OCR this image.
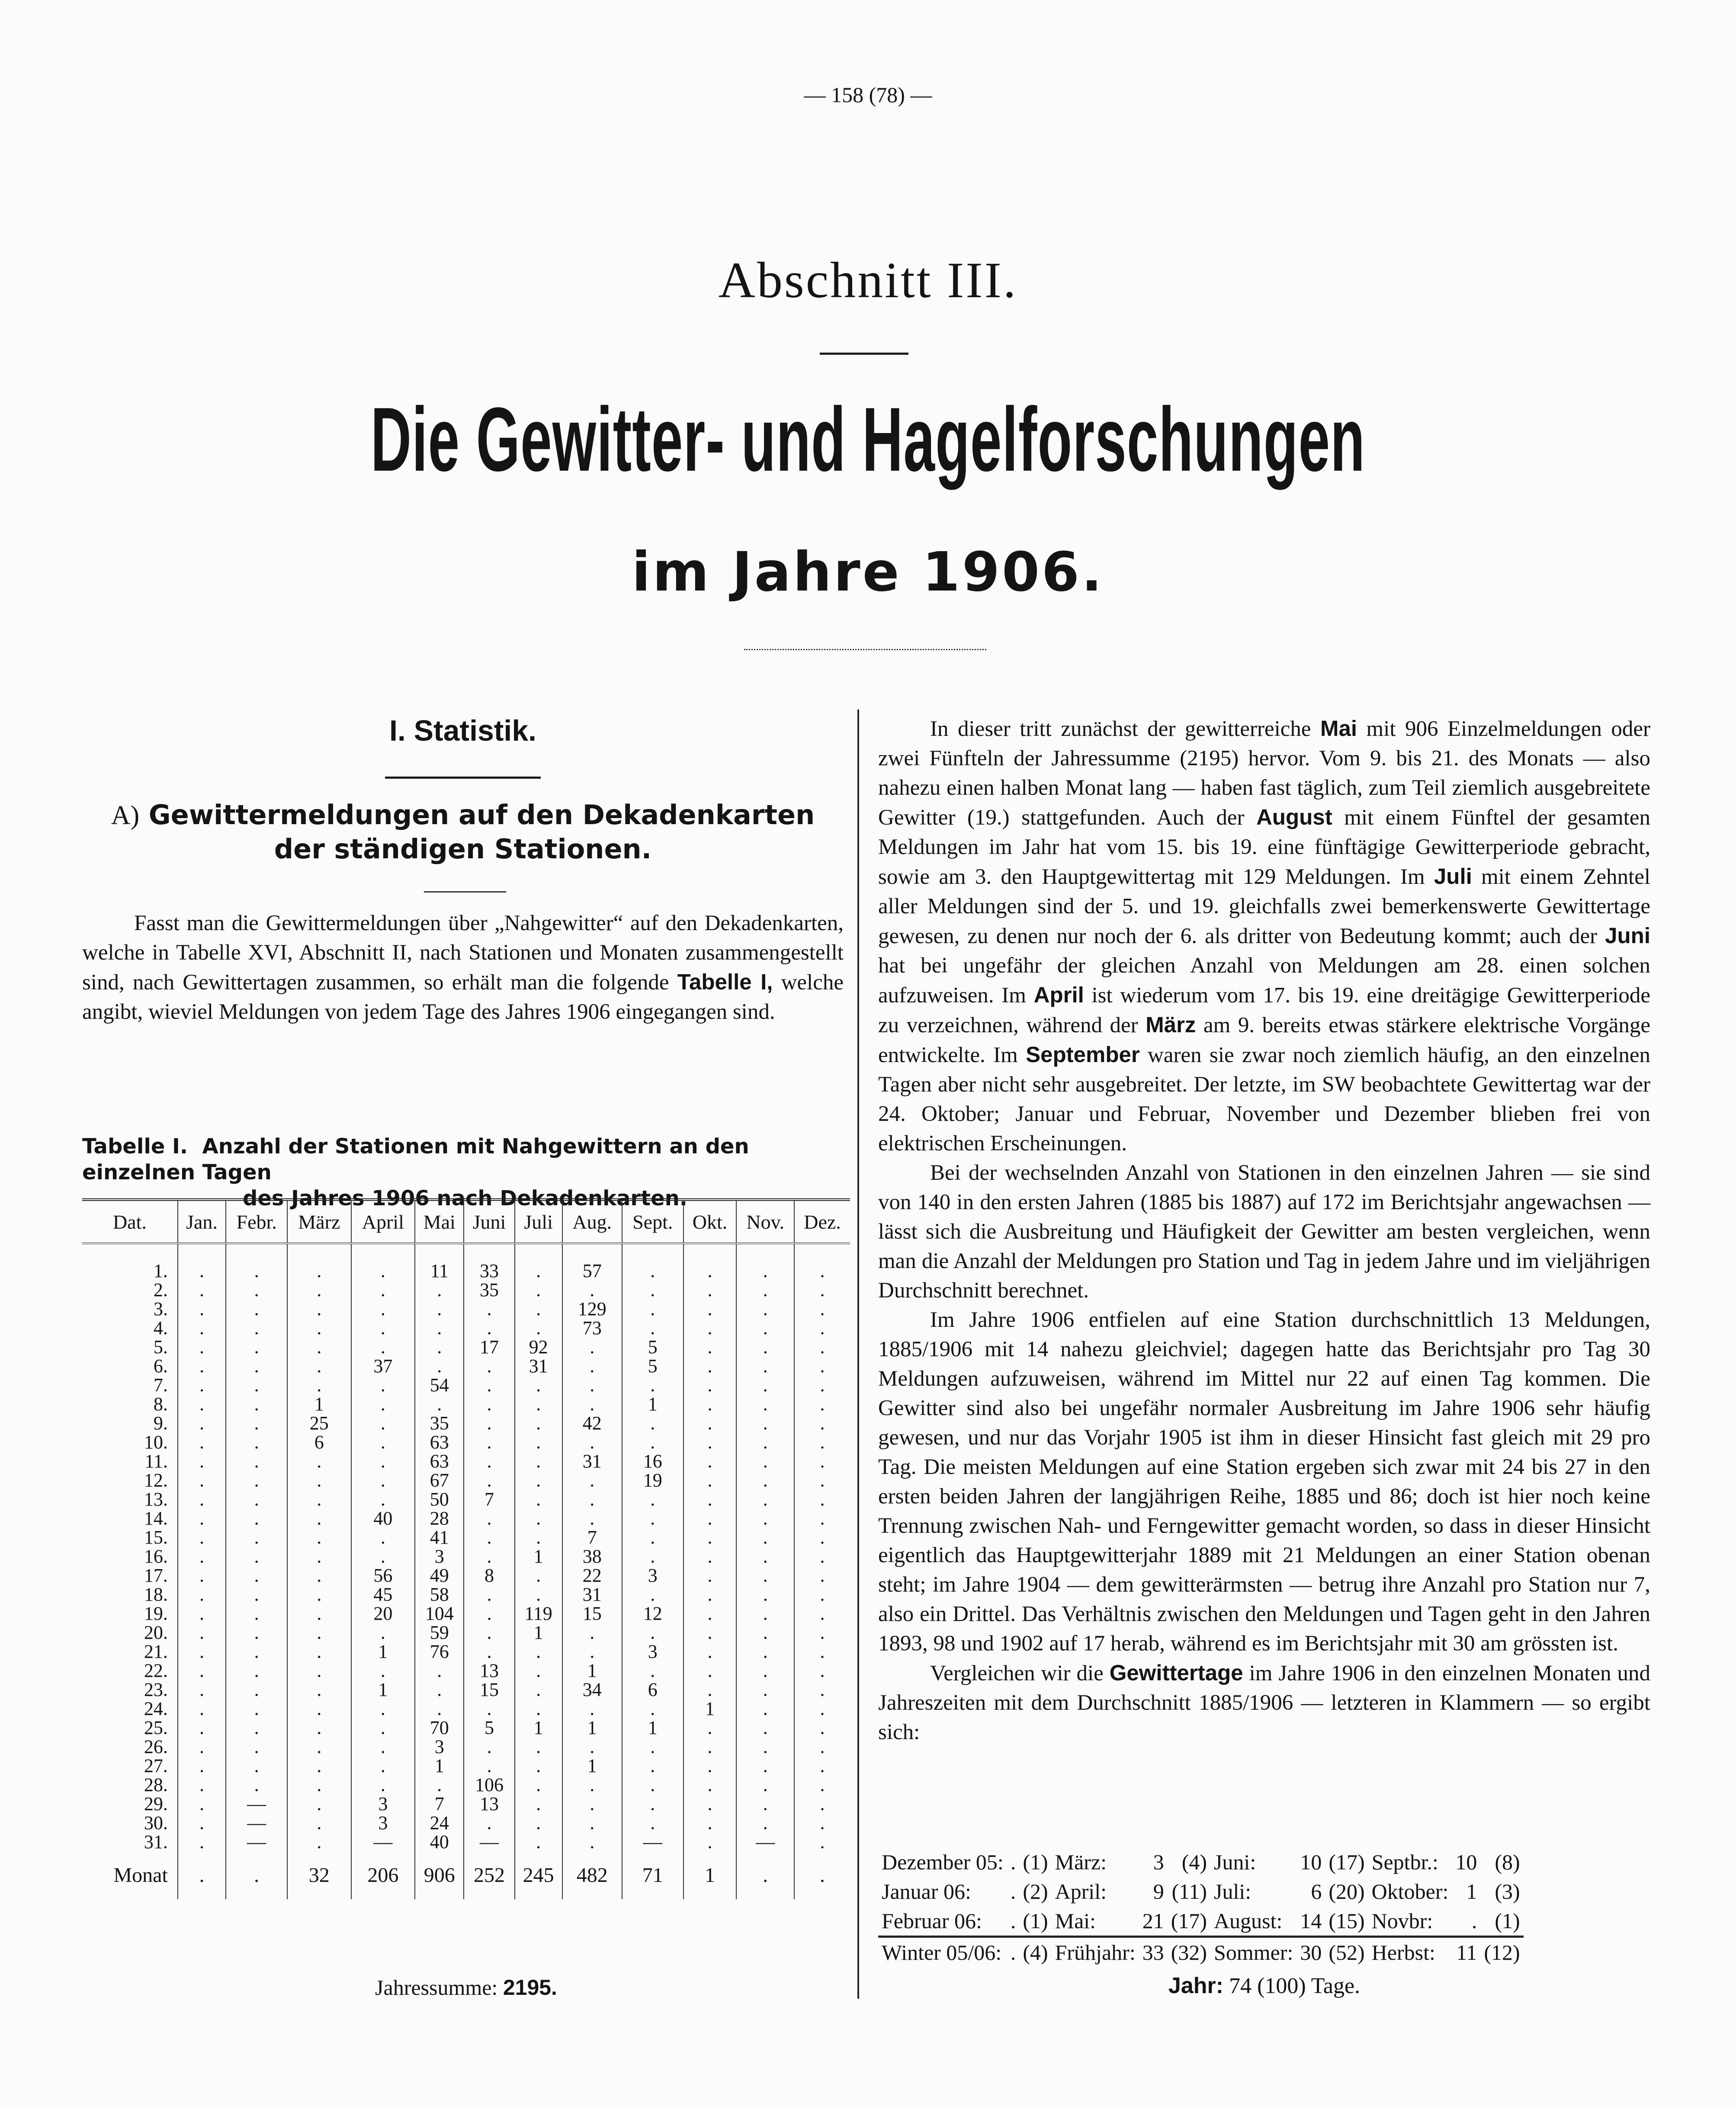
— 158 (78) —
Abschnitt III.
Die Gewitter- und Hagelforschungen
im Jahre 1906.
I. Statistik.
A) Gewittermeldungen auf den Dekadenkarten
der ständigen Stationen.
Fasst man die Gewittermeldungen über „Nahgewitter“ auf den Dekadenkarten, welche in Tabelle XVI, Abschnitt II, nach Stationen und Monaten zusammengestellt sind, nach Gewittertagen zusammen, so erhält man die folgende Tabelle I, welche angibt, wieviel Meldungen von jedem Tage des Jahres 1906 eingegangen sind.
Tabelle I. Anzahl der Stationen mit Nahgewittern an den einzelnen Tagen
des Jahres 1906 nach Dekadenkarten.
Dat.	Jan.	Febr.	März	April	Mai	Juni	Juli	Aug.	Sept.	Okt.	Nov.	Dez.
1.	.	.	.	.	11	33	.	57	.	.	.	.
2.	.	.	.	.	.	35	.	.	.	.	.	.
3.	.	.	.	.	.	.	.	129	.	.	.	.
4.	.	.	.	.	.	.	.	73	.	.	.	.
5.	.	.	.	.	.	17	92	.	5	.	.	.
6.	.	.	.	37	.	.	31	.	5	.	.	.
7.	.	.	.	.	54	.	.	.	.	.	.	.
8.	.	.	1	.	.	.	.	.	1	.	.	.
9.	.	.	25	.	35	.	.	42	.	.	.	.
10.	.	.	6	.	63	.	.	.	.	.	.	.
11.	.	.	.	.	63	.	.	31	16	.	.	.
12.	.	.	.	.	67	.	.	.	19	.	.	.
13.	.	.	.	.	50	7	.	.	.	.	.	.
14.	.	.	.	40	28	.	.	.	.	.	.	.
15.	.	.	.	.	41	.	.	7	.	.	.	.
16.	.	.	.	.	3	.	1	38	.	.	.	.
17.	.	.	.	56	49	8	.	22	3	.	.	.
18.	.	.	.	45	58	.	.	31	.	.	.	.
19.	.	.	.	20	104	.	119	15	12	.	.	.
20.	.	.	.	.	59	.	1	.	.	.	.	.
21.	.	.	.	1	76	.	.	.	3	.	.	.
22.	.	.	.	.	.	13	.	1	.	.	.	.
23.	.	.	.	1	.	15	.	34	6	.	.	.
24.	.	.	.	.	.	.	.	.	.	1	.	.
25.	.	.	.	.	70	5	1	1	1	.	.	.
26.	.	.	.	.	3	.	.	.	.	.	.	.
27.	.	.	.	.	1	.	.	1	.	.	.	.
28.	.	.	.	.	.	106	.	.	.	.	.	.
29.	.	—	.	3	7	13	.	.	.	.	.	.
30.	.	—	.	3	24	.	.	.	.	.	.	.
31.	.	—	.	—	40	—	.	.	—	.	—	.
Monat	.	.	32	206	906	252	245	482	71	1	.	.
Jahressumme: 2195.
In dieser tritt zunächst der gewitterreiche Mai mit 906 Einzelmeldungen oder zwei Fünfteln der Jahressumme (2195) hervor. Vom 9. bis 21. des Monats — also nahezu einen halben Monat lang — haben fast täglich, zum Teil ziemlich ausgebreitete Gewitter (19.) stattgefunden. Auch der August mit einem Fünftel der gesamten Meldungen im Jahr hat vom 15. bis 19. eine fünftägige Gewitterperiode gebracht, sowie am 3. den Hauptgewittertag mit 129 Meldungen. Im Juli mit einem Zehntel aller Meldungen sind der 5. und 19. gleichfalls zwei bemerkenswerte Gewittertage gewesen, zu denen nur noch der 6. als dritter von Bedeutung kommt; auch der Juni hat bei ungefähr der gleichen Anzahl von Meldungen am 28. einen solchen aufzuweisen. Im April ist wiederum vom 17. bis 19. eine dreitägige Gewitterperiode zu verzeichnen, während der März am 9. bereits etwas stärkere elektrische Vorgänge entwickelte. Im September waren sie zwar noch ziemlich häufig, an den einzelnen Tagen aber nicht sehr ausgebreitet. Der letzte, im SW beobachtete Gewittertag war der 24. Oktober; Januar und Februar, November und Dezember blieben frei von elektrischen Erscheinungen.
Bei der wechselnden Anzahl von Stationen in den einzelnen Jahren — sie sind von 140 in den ersten Jahren (1885 bis 1887) auf 172 im Berichtsjahr angewachsen — lässt sich die Ausbreitung und Häufigkeit der Gewitter am besten vergleichen, wenn man die Anzahl der Meldungen pro Station und Tag in jedem Jahre und im vieljährigen Durchschnitt berechnet.
Im Jahre 1906 entfielen auf eine Station durchschnittlich 13 Meldungen, 1885/1906 mit 14 nahezu gleichviel; dagegen hatte das Berichtsjahr pro Tag 30 Meldungen aufzuweisen, während im Mittel nur 22 auf einen Tag kommen. Die Gewitter sind also bei ungefähr normaler Ausbreitung im Jahre 1906 sehr häufig gewesen, und nur das Vorjahr 1905 ist ihm in dieser Hinsicht fast gleich mit 29 pro Tag. Die meisten Meldungen auf eine Station ergeben sich zwar mit 24 bis 27 in den ersten beiden Jahren der langjährigen Reihe, 1885 und 86; doch ist hier noch keine Trennung zwischen Nah- und Ferngewitter gemacht worden, so dass in dieser Hinsicht eigentlich das Hauptgewitterjahr 1889 mit 21 Meldungen an einer Station obenan steht; im Jahre 1904 — dem gewitterärmsten — betrug ihre Anzahl pro Station nur 7, also ein Drittel. Das Verhältnis zwischen den Meldungen und Tagen geht in den Jahren 1893, 98 und 1902 auf 17 herab, während es im Berichtsjahr mit 30 am grössten ist.
Vergleichen wir die Gewittertage im Jahre 1906 in den einzelnen Monaten und Jahreszeiten mit dem Durchschnitt 1885/1906 — letzteren in Klammern — so ergibt sich:
Dezember 05:	.	(1)	März:	3	(4)	Juni:	10	(17)	Septbr.:	10	(8)
Januar 06:	.	(2)	April:	9	(11)	Juli:	6	(20)	Oktober:	1	(3)
Februar 06:	.	(1)	Mai:	21	(17)	August:	14	(15)	Novbr:	.	(1)
Winter 05/06:	.	(4)	Frühjahr:	33	(32)	Sommer:	30	(52)	Herbst:	11	(12)
Jahr: 74 (100) Tage.
